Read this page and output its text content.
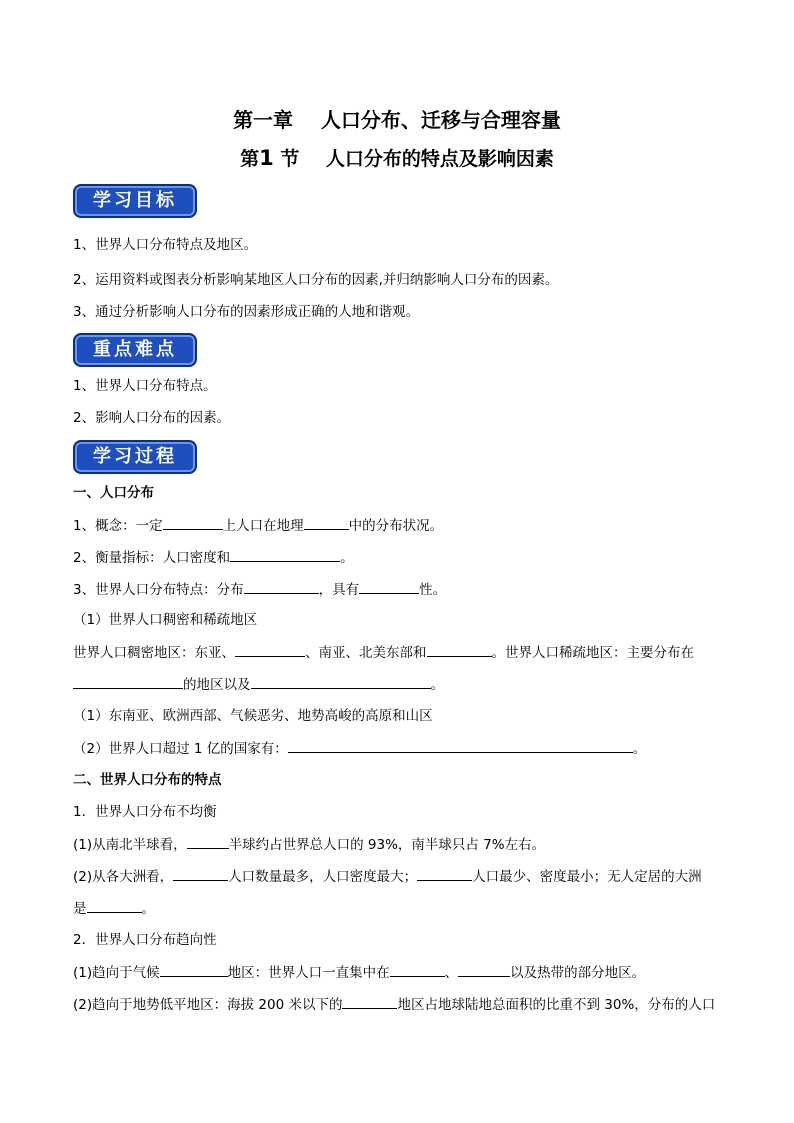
第一章    人口分布、迁移与合理容量
第1 节    人口分布的特点及影响因素
学习目标
1、世界人口分布特点及地区。
2、运用资料或图表分析影响某地区人口分布的因素,并归纳影响人口分布的因素。
3、通过分析影响人口分布的因素形成正确的人地和谐观。
重点难点
1、世界人口分布特点。
2、影响人口分布的因素。
学习过程
一、人口分布
1、概念：一定	上人口在地理	中的分布状况。
2、衡量指标：人口密度和	。
3、世界人口分布特点：分布	，具有	性。
（1）世界人口稠密和稀疏地区
世界人口稠密地区：东亚、	、南亚、北美东部和	。世界人口稀疏地区：主要分布在
的地区以及	。
（1）东南亚、欧洲西部、气候恶劣、地势高峻的高原和山区
（2）世界人口超过 1 亿的国家有：	。
二、世界人口分布的特点
1．世界人口分布不均衡
(1)从南北半球看，	半球约占世界总人口的 93%，南半球只占 7%左右。
(2)从各大洲看，	人口数量最多，人口密度最大；	人口最少、密度最小；无人定居的大洲
是	。
2．世界人口分布趋向性
(1)趋向于气候	地区：世界人口一直集中在	、	以及热带的部分地区。
(2)趋向于地势低平地区：海拔 200 米以下的	地区占地球陆地总面积的比重不到 30%，分布的人口
